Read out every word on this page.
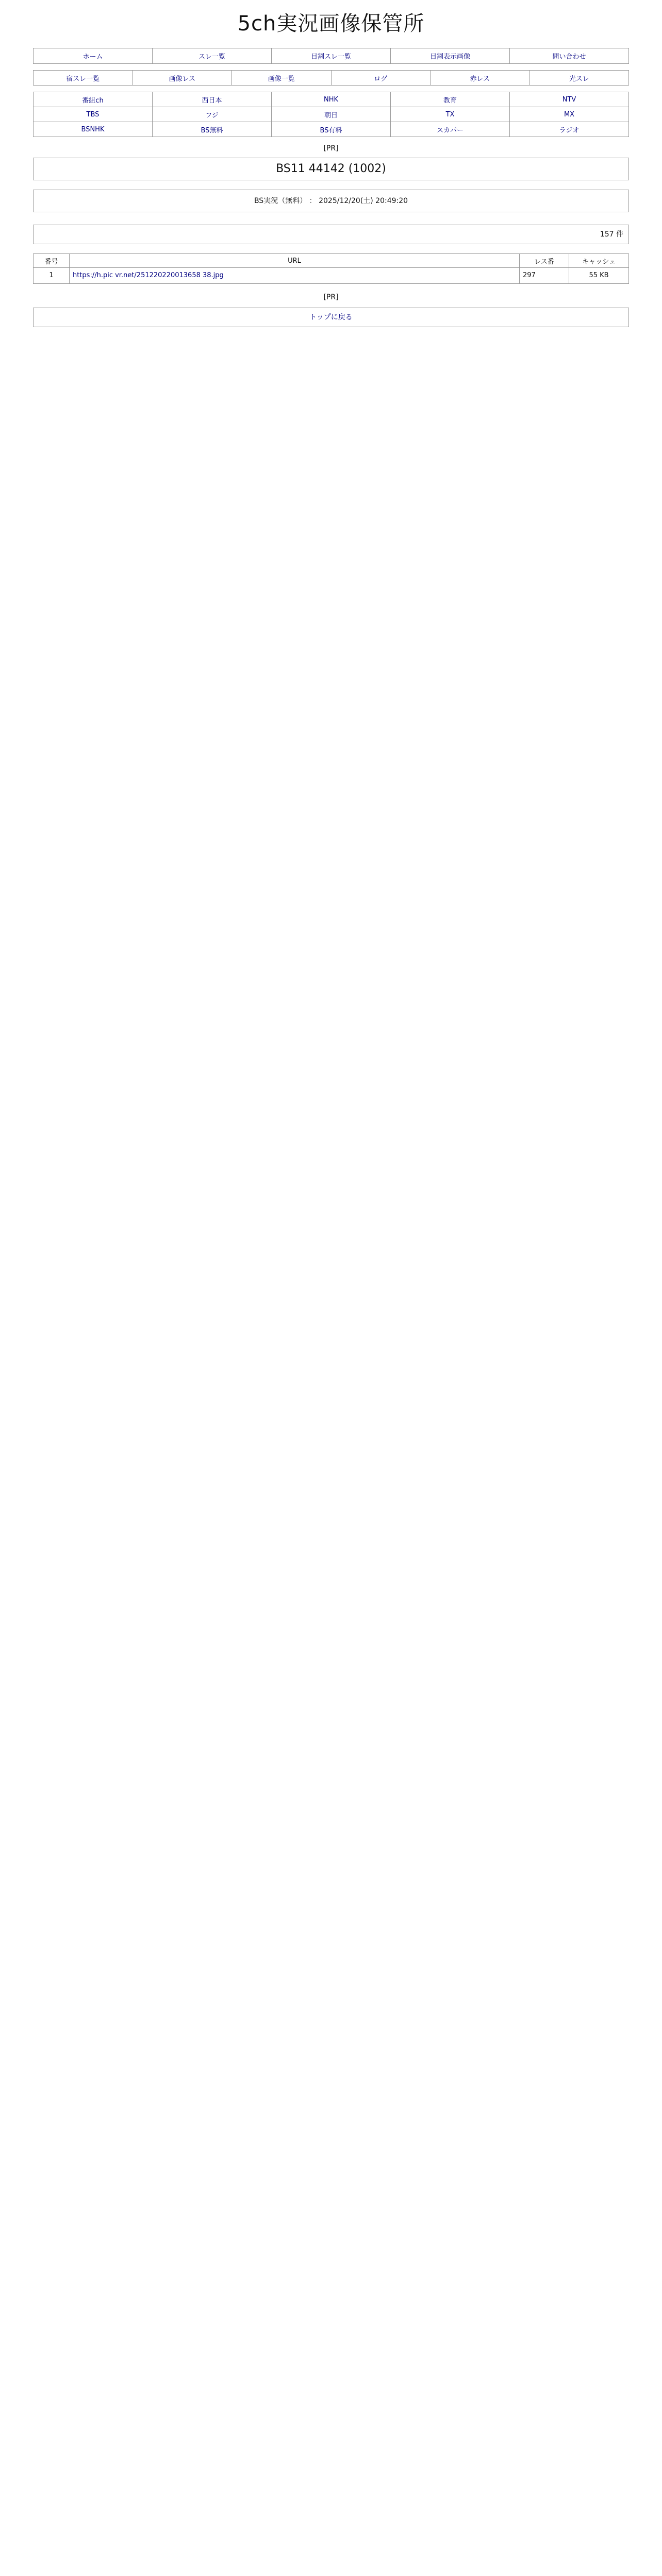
5ch実況画像保管所
ホーム	スレ一覧	目割スレ一覧	目割表示画像	問い合わせ
宿スレ一覧	画像レス	画像一覧	ログ	赤レス	光スレ
番組ch	西日本	NHK	教育	NTV
TBS	フジ	朝日	TX	MX
BSNHK	BS無料	BS有料	スカパー	ラジオ
[PR]
BS11 44142 (1002)
BS実況（無料） ： 2025/12/20(土) 20:49:20
157 件
番号	URL	レス番	キャッシュ
1	https://h.pic vr.net/251220220013658 38.jpg	297	55 KB
[PR]
トップに戻る
